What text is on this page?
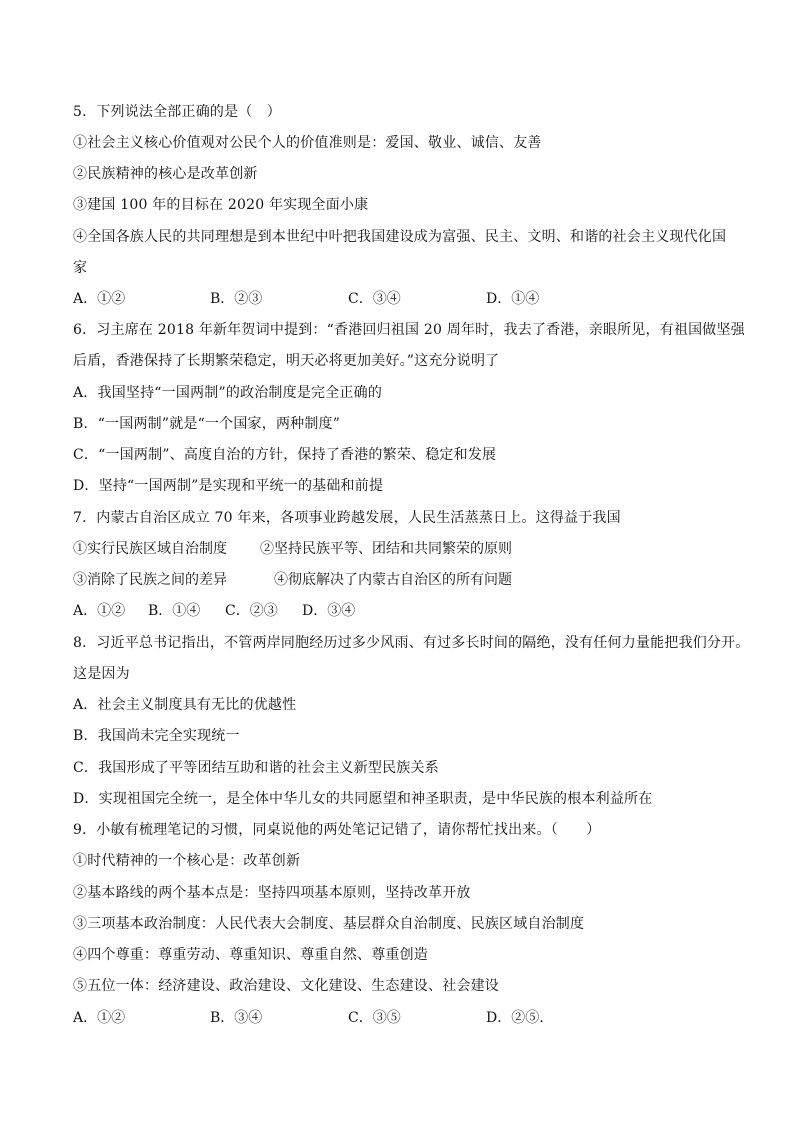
5．下列说法全部正确的是（　）
①社会主义核心价值观对公民个人的价值准则是：爱国、敬业、诚信、友善
②民族精神的核心是改革创新
③建国 100 年的目标在 2020 年实现全面小康
④全国各族人民的共同理想是到本世纪中叶把我国建设成为富强、民主、文明、和谐的社会主义现代化国
家
A．①②	B．②③	C．③④	D．①④
6．习主席在 2018 年新年贺词中提到：“香港回归祖国 20 周年时，我去了香港，亲眼所见，有祖国做坚强
后盾，香港保持了长期繁荣稳定，明天必将更加美好。”这充分说明了
A．我国坚持“一国两制”的政治制度是完全正确的
B．“一国两制”就是“一个国家，两种制度”
C．“一国两制”、高度自治的方针，保持了香港的繁荣、稳定和发展
D．坚持“一国两制”是实现和平统一的基础和前提
7．内蒙古自治区成立 70 年来，各项事业跨越发展，人民生活蒸蒸日上。这得益于我国
①实行民族区域自治制度 ②坚持民族平等、团结和共同繁荣的原则
③消除了民族之间的差异	④彻底解决了内蒙古自治区的所有问题
A．①② B．①④ C．②③ D．③④
8．习近平总书记指出，不管两岸同胞经历过多少风雨、有过多长时间的隔绝，没有任何力量能把我们分开。
这是因为
A．社会主义制度具有无比的优越性
B．我国尚未完全实现统一
C．我国形成了平等团结互助和谐的社会主义新型民族关系
D．实现祖国完全统一，是全体中华儿女的共同愿望和神圣职责，是中华民族的根本利益所在
9．小敏有梳理笔记的习惯，同桌说他的两处笔记记错了，请你帮忙找出来。（　　）
①时代精神的一个核心是：改革创新
②基本路线的两个基本点是：坚持四项基本原则，坚持改革开放
③三项基本政治制度：人民代表大会制度、基层群众自治制度、民族区域自治制度
④四个尊重：尊重劳动、尊重知识、尊重自然、尊重创造
⑤五位一体：经济建设、政治建设、文化建设、生态建设、社会建设
A．①②	B．③④	C．③⑤	D．②⑤.
